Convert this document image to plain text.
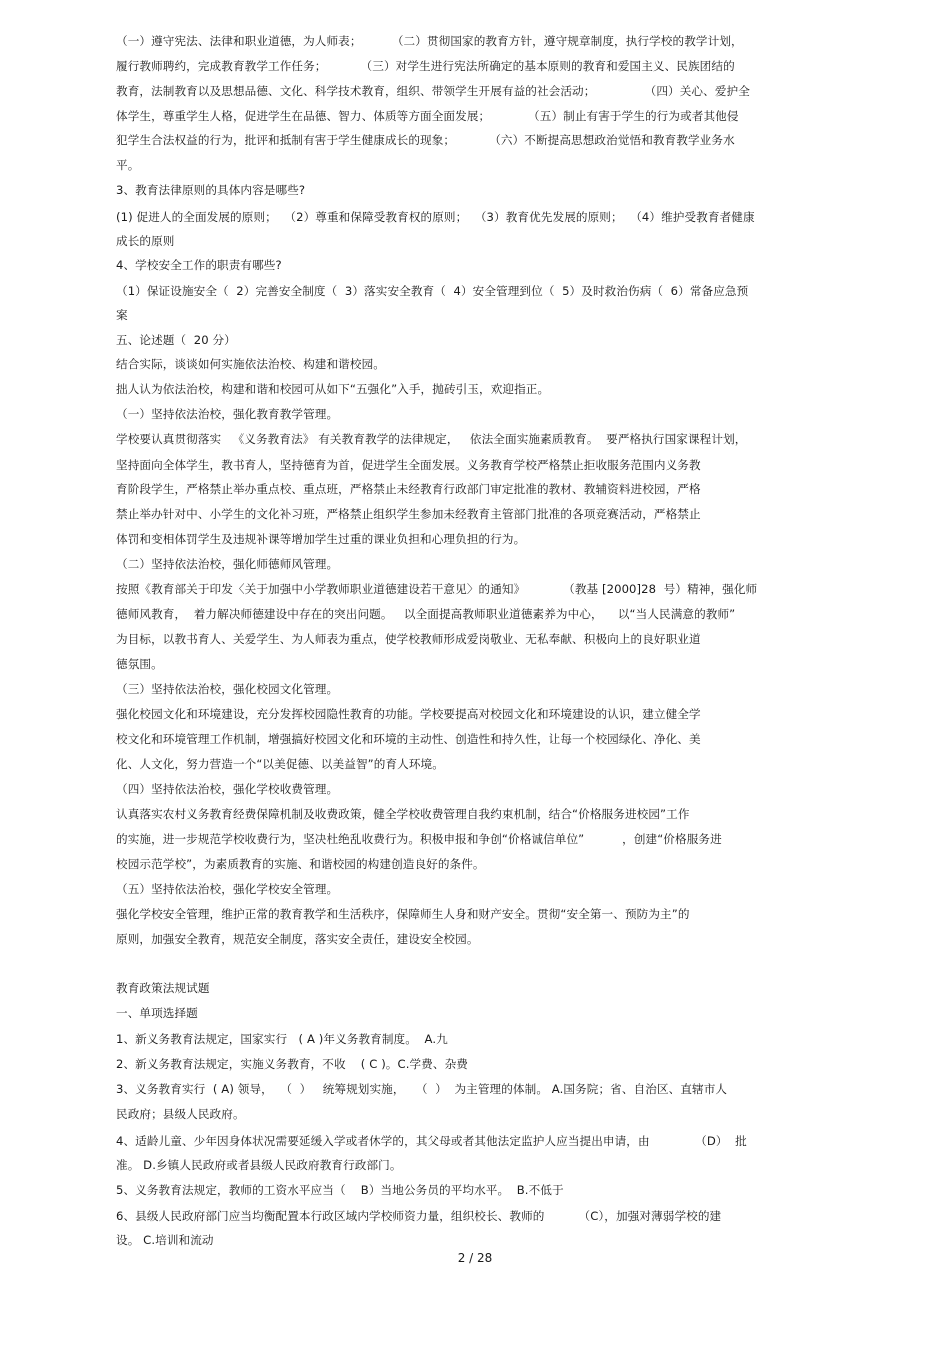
（一）遵守宪法、法律和职业道德，为人师表；        （二）贯彻国家的教育方针，遵守规章制度，执行学校的教学计划，
履行教师聘约，完成教育教学工作任务；         （三）对学生进行宪法所确定的基本原则的教育和爱国主义、民族团结的
教育，法制教育以及思想品德、文化、科学技术教育，组织、带领学生开展有益的社会活动；             （四）关心、爱护全
体学生，尊重学生人格，促进学生在品德、智力、体质等方面全面发展；          （五）制止有害于学生的行为或者其他侵
犯学生合法权益的行为，批评和抵制有害于学生健康成长的现象；         （六）不断提高思想政治觉悟和教育教学业务水
平。
3、教育法律原则的具体内容是哪些?
(1) 促进人的全面发展的原则；  （2）尊重和保障受教育权的原则；  （3）教育优先发展的原则；  （4）维护受教育者健康
成长的原则
4、学校安全工作的职责有哪些?
（1）保证设施安全（  2）完善安全制度（  3）落实安全教育（  4）安全管理到位（  5）及时救治伤病（  6）常备应急预
案
五、论述题（  20 分）
结合实际，谈谈如何实施依法治校、构建和谐校园。
拙人认为依法治校，构建和谐和校园可从如下“五强化”入手，抛砖引玉，欢迎指正。
（一）坚持依法治校，强化教育教学管理。
学校要认真贯彻落实   《义务教育法》 有关教育教学的法律规定，   依法全面实施素质教育。  要严格执行国家课程计划，
坚持面向全体学生，教书育人，坚持德育为首，促进学生全面发展。义务教育学校严格禁止拒收服务范围内义务教
育阶段学生，严格禁止举办重点校、重点班，严格禁止未经教育行政部门审定批准的教材、教辅资料进校园，严格
禁止举办针对中、小学生的文化补习班，严格禁止组织学生参加未经教育主管部门批准的各项竞赛活动，严格禁止
体罚和变相体罚学生及违规补课等增加学生过重的课业负担和心理负担的行为。
（二）坚持依法治校，强化师德师风管理。
按照《教育部关于印发〈关于加强中小学教师职业道德建设若干意见〉的通知》          （教基 [2000]28  号）精神，强化师
德师风教育，  着力解决师德建设中存在的突出问题。   以全面提高教师职业道德素养为中心，    以“当人民满意的教师”
为目标，以教书育人、关爱学生、为人师表为重点，使学校教师形成爱岗敬业、无私奉献、积极向上的良好职业道
德氛围。
（三）坚持依法治校，强化校园文化管理。
强化校园文化和环境建设，充分发挥校园隐性教育的功能。学校要提高对校园文化和环境建设的认识，建立健全学
校文化和环境管理工作机制，增强搞好校园文化和环境的主动性、创造性和持久性，让每一个校园绿化、净化、美
化、人文化，努力营造一个“以美促德、以美益智”的育人环境。
（四）坚持依法治校，强化学校收费管理。
认真落实农村义务教育经费保障机制及收费政策，健全学校收费管理自我约束机制，结合“价格服务进校园”工作
的实施，进一步规范学校收费行为，坚决杜绝乱收费行为。积极申报和争创“价格诚信单位”          ，创建“价格服务进
校园示范学校”，为素质教育的实施、和谐校园的构建创造良好的条件。
（五）坚持依法治校，强化学校安全管理。
强化学校安全管理，维护正常的教育教学和生活秩序，保障师生人身和财产安全。贯彻“安全第一、预防为主”的
原则，加强安全教育，规范安全制度，落实安全责任，建设安全校园。
教育政策法规试题
一、单项选择题
1、新义务教育法规定，国家实行   ( A )年义务教育制度。  A.九
2、新义务教育法规定，实施义务教育，不收    ( C )。C.学费、杂费
3、义务教育实行  ( A) 领导，  （  ）   统筹规划实施，   （  ）  为主管理的体制。 A.国务院；省、自治区、直辖市人
民政府；县级人民政府。
4、适龄儿童、少年因身体状况需要延缓入学或者休学的，其父母或者其他法定监护人应当提出申请，由            （D）  批
准。 D.乡镇人民政府或者县级人民政府教育行政部门。
5、义务教育法规定，教师的工资水平应当（    B）当地公务员的平均水平。  B.不低于
6、县级人民政府部门应当均衡配置本行政区域内学校师资力量，组织校长、教师的         （C），加强对薄弱学校的建
设。 C.培训和流动
2 / 28
